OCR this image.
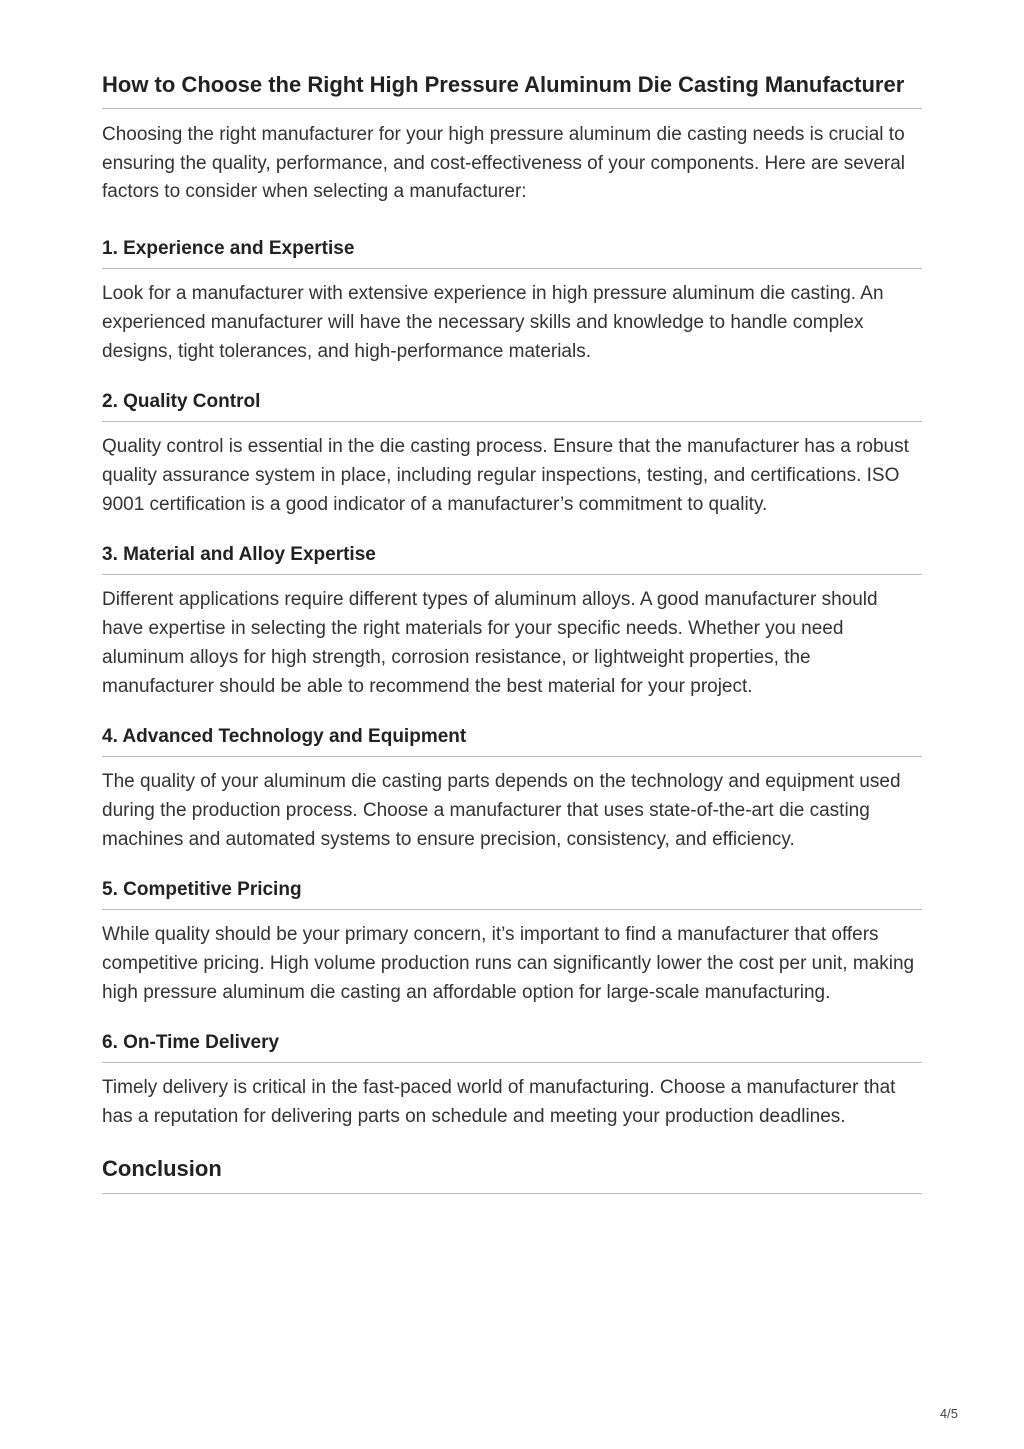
How to Choose the Right High Pressure Aluminum Die Casting Manufacturer

Choosing the right manufacturer for your high pressure aluminum die casting needs is crucial to ensuring the quality, performance, and cost-effectiveness of your components. Here are several factors to consider when selecting a manufacturer:

1. Experience and Expertise

Look for a manufacturer with extensive experience in high pressure aluminum die casting. An experienced manufacturer will have the necessary skills and knowledge to handle complex designs, tight tolerances, and high-performance materials.

2. Quality Control

Quality control is essential in the die casting process. Ensure that the manufacturer has a robust quality assurance system in place, including regular inspections, testing, and certifications. ISO 9001 certification is a good indicator of a manufacturer’s commitment to quality.

3. Material and Alloy Expertise

Different applications require different types of aluminum alloys. A good manufacturer should have expertise in selecting the right materials for your specific needs. Whether you need aluminum alloys for high strength, corrosion resistance, or lightweight properties, the manufacturer should be able to recommend the best material for your project.

4. Advanced Technology and Equipment

The quality of your aluminum die casting parts depends on the technology and equipment used during the production process. Choose a manufacturer that uses state-of-the-art die casting machines and automated systems to ensure precision, consistency, and efficiency.

5. Competitive Pricing

While quality should be your primary concern, it’s important to find a manufacturer that offers competitive pricing. High volume production runs can significantly lower the cost per unit, making high pressure aluminum die casting an affordable option for large-scale manufacturing.

6. On-Time Delivery

Timely delivery is critical in the fast-paced world of manufacturing. Choose a manufacturer that has a reputation for delivering parts on schedule and meeting your production deadlines.

Conclusion
4/5
